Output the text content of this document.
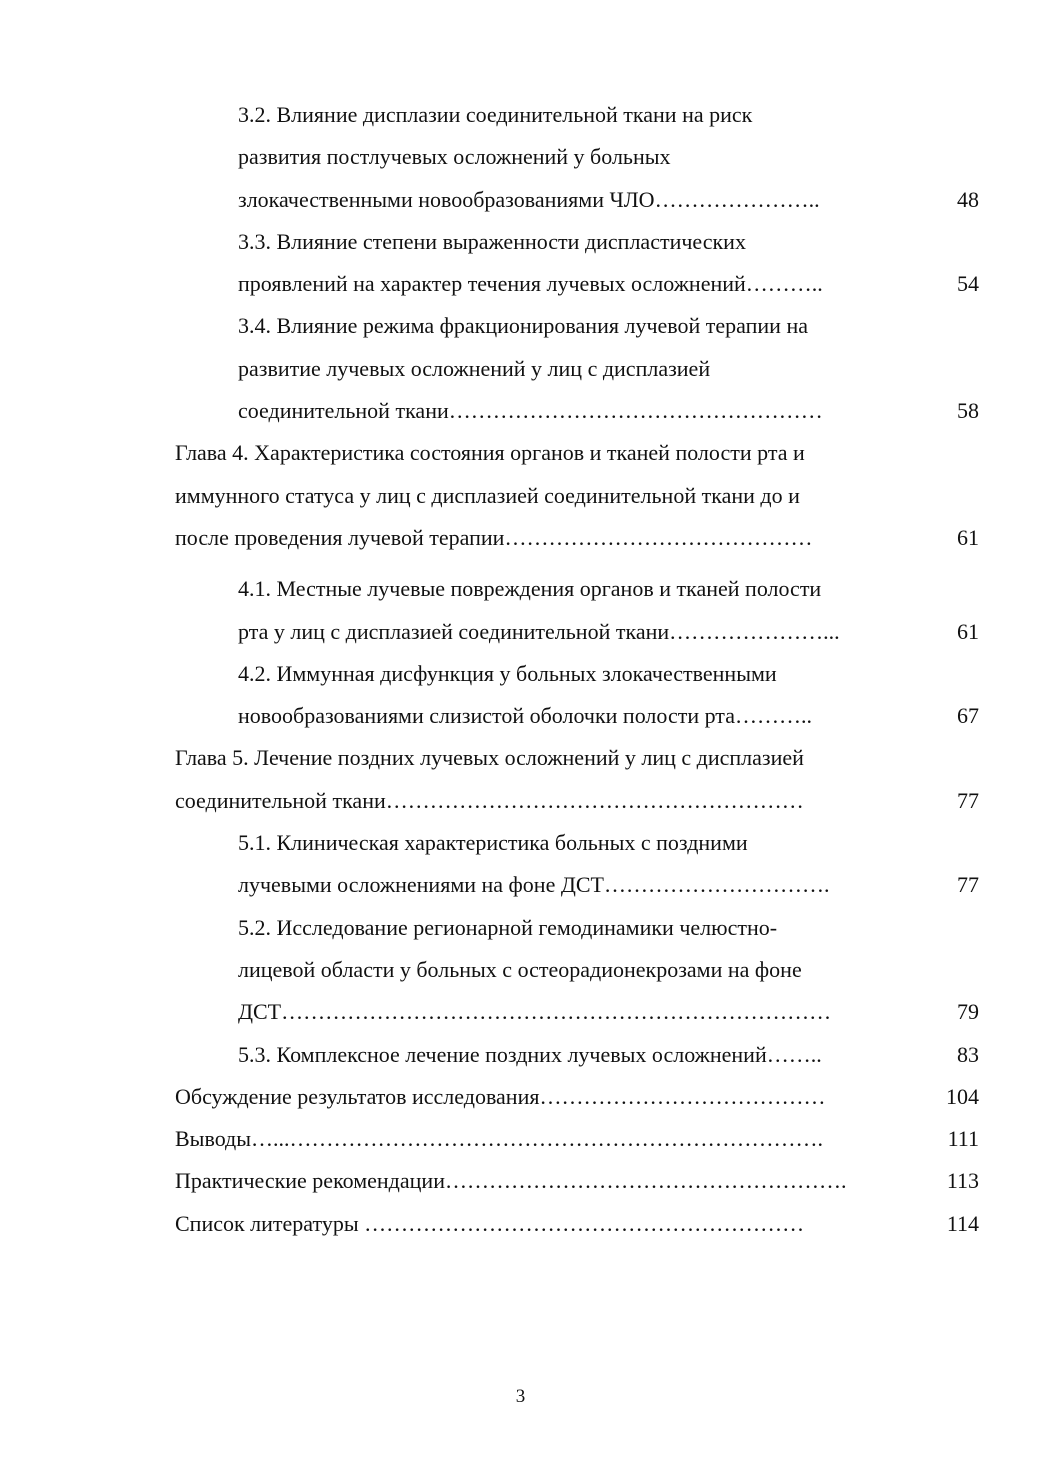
3.2. Влияние дисплазии соединительной ткани на риск
развития постлучевых осложнений у больных
злокачественными новообразованиями ЧЛО…………………..	48
3.3. Влияние степени выраженности диспластических
проявлений на характер течения лучевых осложнений………..	54
3.4. Влияние режима фракционирования лучевой терапии на
развитие лучевых осложнений у лиц с дисплазией
соединительной ткани……………………………………………	58
Глава 4. Характеристика состояния органов и тканей полости рта и
иммунного статуса у лиц с дисплазией соединительной ткани до и
после проведения лучевой терапии……………………………………	61
4.1. Местные лучевые повреждения органов и тканей полости
рта у лиц с дисплазией соединительной ткани…………………...	61
4.2. Иммунная дисфункция у больных злокачественными
новообразованиями слизистой оболочки полости рта………..	67
Глава 5. Лечение поздних лучевых осложнений у лиц с дисплазией
соединительной ткани…………………………………………………	77
5.1. Клиническая характеристика больных с поздними
лучевыми осложнениями на фоне ДСТ………………………….	77
5.2. Исследование регионарной гемодинамики челюстно-
лицевой области у больных с остеорадионекрозами на фоне
ДСТ…………………………………………………………………	79
5.3. Комплексное лечение поздних лучевых осложнений……..	83
Обсуждение результатов исследования…………………………………	104
Выводы…...……………………………………………………………….	111
Практические рекомендации……………………………………………….	113
Список литературы ……………………………………………………	114
3
